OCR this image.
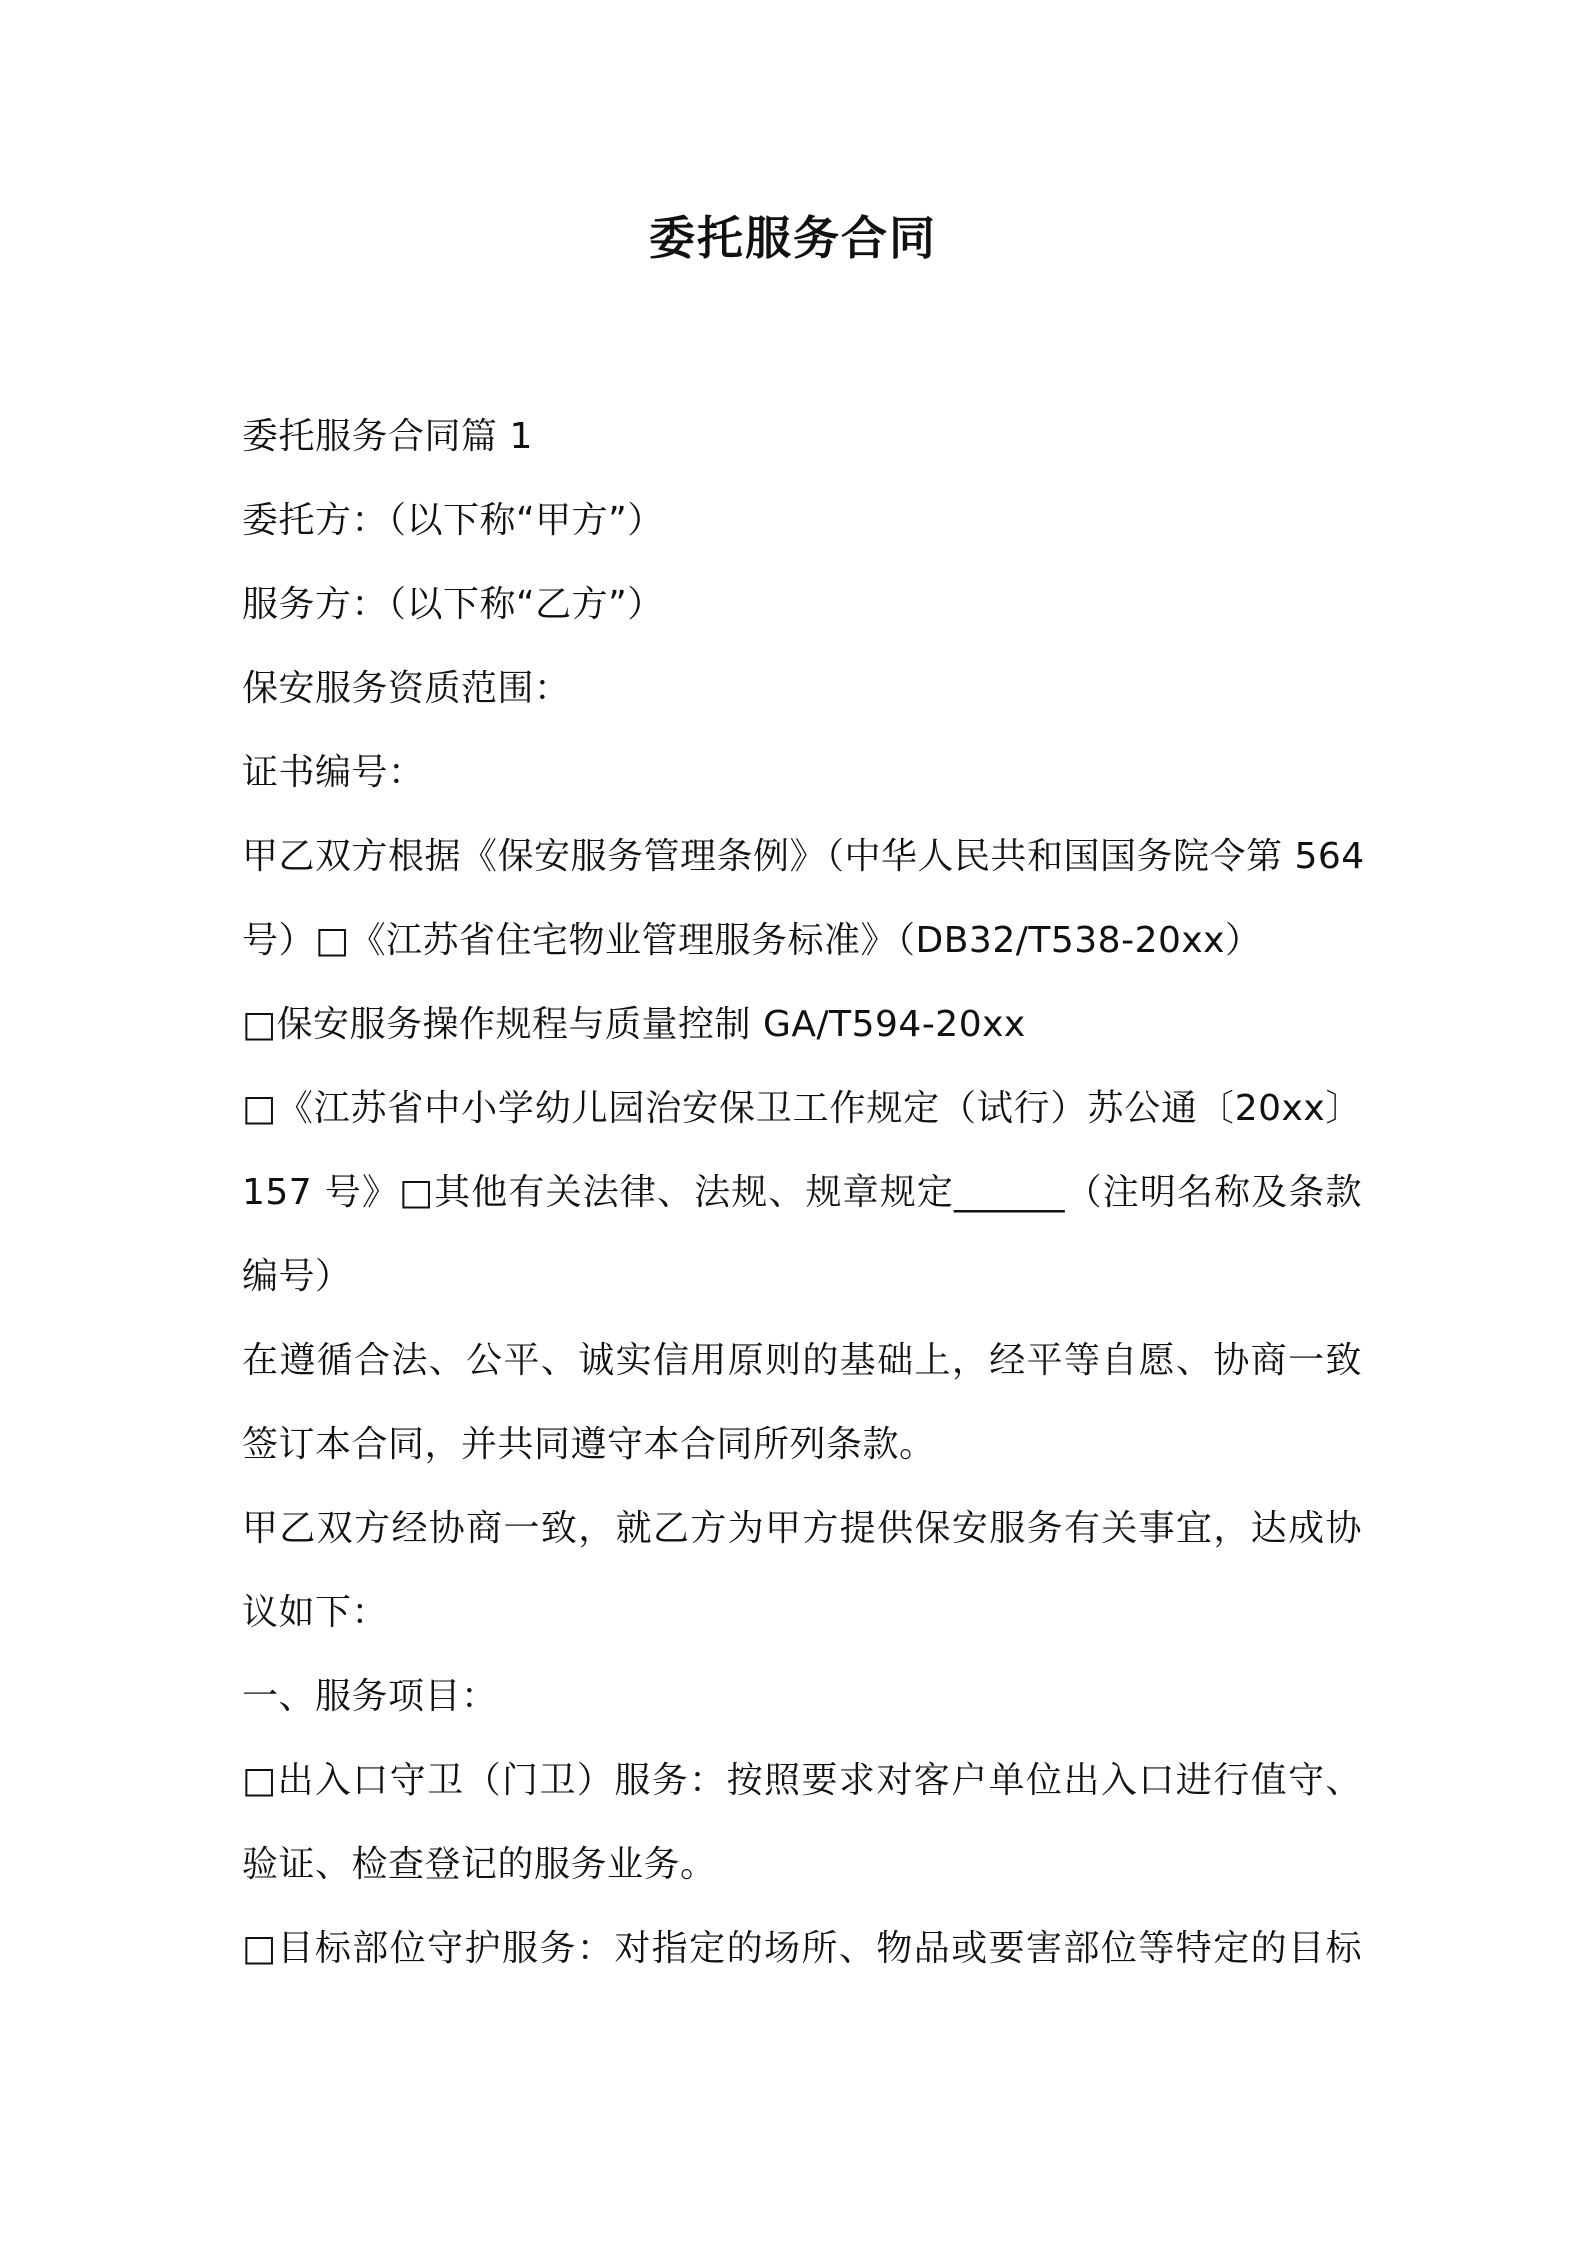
委托服务合同
委托服务合同篇 1
委托方：（以下称“甲方”）
服务方：（以下称“乙方”）
保安服务资质范围：
证书编号：
甲乙双方根据《保安服务管理条例》（中华人民共和国国务院令第 564
号）□《江苏省住宅物业管理服务标准》（DB32/T538-20xx）
□保安服务操作规程与质量控制 GA/T594-20xx
□《江苏省中小学幼儿园治安保卫工作规定（试行）苏公通〔20xx〕
157 号》□其他有关法律、法规、规章规定______（注明名称及条款
编号）
在遵循合法、公平、诚实信用原则的基础上，经平等自愿、协商一致
签订本合同，并共同遵守本合同所列条款。
甲乙双方经协商一致，就乙方为甲方提供保安服务有关事宜，达成协
议如下：
一、服务项目：
□出入口守卫（门卫）服务：按照要求对客户单位出入口进行值守、
验证、检查登记的服务业务。
□目标部位守护服务：对指定的场所、物品或要害部位等特定的目标
